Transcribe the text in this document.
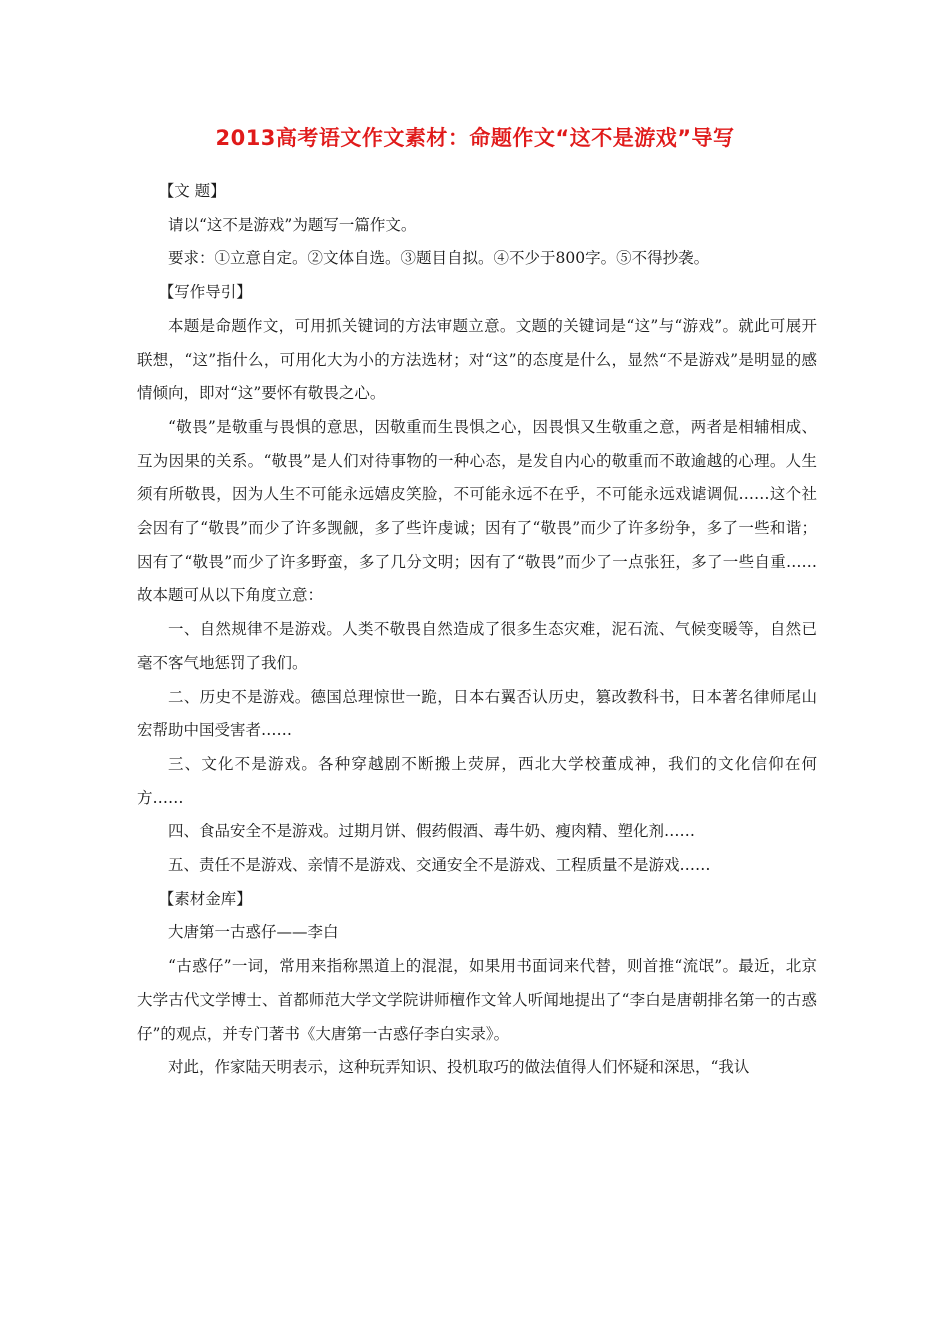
2013高考语文作文素材：命题作文“这不是游戏”导写

【文 题】

请以“这不是游戏”为题写一篇作文。

要求：①立意自定。②文体自选。③题目自拟。④不少于800字。⑤不得抄袭。

【写作导引】

本题是命题作文，可用抓关键词的方法审题立意。文题的关键词是“这”与“游戏”。就此可展开联想，“这”指什么，可用化大为小的方法选材；对“这”的态度是什么，显然“不是游戏”是明显的感情倾向，即对“这”要怀有敬畏之心。

“敬畏”是敬重与畏惧的意思，因敬重而生畏惧之心，因畏惧又生敬重之意，两者是相辅相成、互为因果的关系。“敬畏”是人们对待事物的一种心态，是发自内心的敬重而不敢逾越的心理。人生须有所敬畏，因为人生不可能永远嬉皮笑脸，不可能永远不在乎，不可能永远戏谑调侃……这个社会因有了“敬畏”而少了许多觊觎，多了些许虔诚；因有了“敬畏”而少了许多纷争，多了一些和谐；因有了“敬畏”而少了许多野蛮，多了几分文明；因有了“敬畏”而少了一点张狂，多了一些自重……故本题可从以下角度立意：

一、自然规律不是游戏。人类不敬畏自然造成了很多生态灾难，泥石流、气候变暖等，自然已毫不客气地惩罚了我们。

二、历史不是游戏。德国总理惊世一跪，日本右翼否认历史，篡改教科书，日本著名律师尾山宏帮助中国受害者……

三、文化不是游戏。各种穿越剧不断搬上荧屏，西北大学校董成神，我们的文化信仰在何方……

四、食品安全不是游戏。过期月饼、假药假酒、毒牛奶、瘦肉精、塑化剂……

五、责任不是游戏、亲情不是游戏、交通安全不是游戏、工程质量不是游戏……

【素材金库】

大唐第一古惑仔——李白

“古惑仔”一词，常用来指称黑道上的混混，如果用书面词来代替，则首推“流氓”。最近，北京大学古代文学博士、首都师范大学文学院讲师檀作文耸人听闻地提出了“李白是唐朝排名第一的古惑仔”的观点，并专门著书《大唐第一古惑仔李白实录》。

对此，作家陆天明表示，这种玩弄知识、投机取巧的做法值得人们怀疑和深思，“我认
